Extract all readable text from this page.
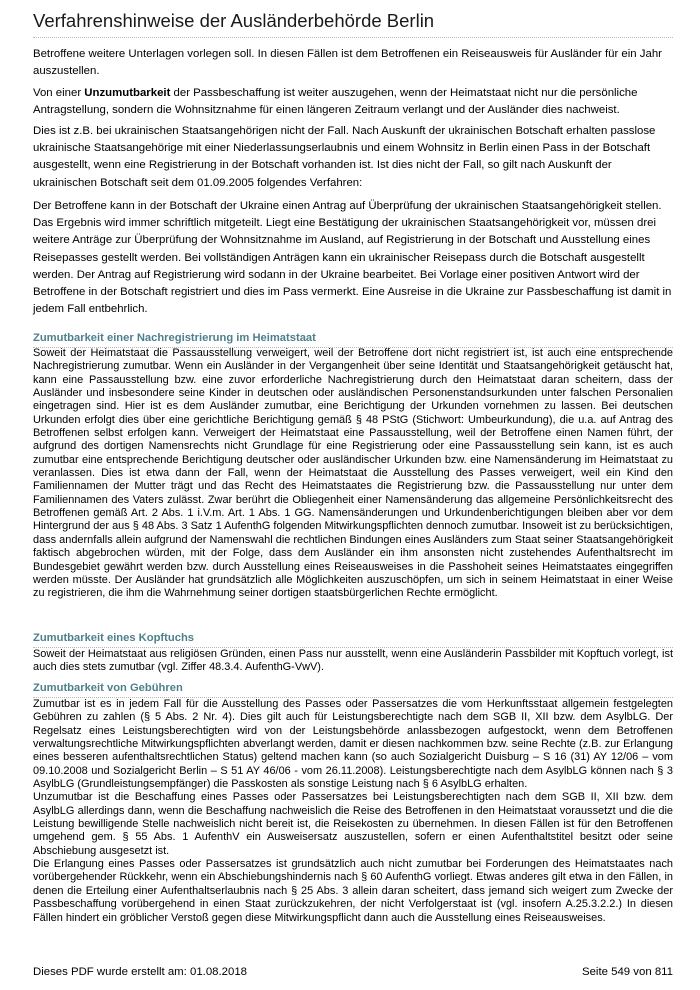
Verfahrenshinweise der Ausländerbehörde Berlin

Betroffene weitere Unterlagen vorlegen soll. In diesen Fällen ist dem Betroffenen ein Reiseausweis für Ausländer für ein Jahr auszustellen.

Von einer Unzumutbarkeit der Passbeschaffung ist weiter auszugehen, wenn der Heimatstaat nicht nur die persönliche Antragstellung, sondern die Wohnsitznahme für einen längeren Zeitraum verlangt und der Ausländer dies nachweist.

Dies ist z.B. bei ukrainischen Staatsangehörigen nicht der Fall. Nach Auskunft der ukrainischen Botschaft erhalten passlose ukrainische Staatsangehörige mit einer Niederlassungserlaubnis und einem Wohnsitz in Berlin einen Pass in der Botschaft ausgestellt, wenn eine Registrierung in der Botschaft vorhanden ist. Ist dies nicht der Fall, so gilt nach Auskunft der ukrainischen Botschaft seit dem 01.09.2005 folgendes Verfahren:

Der Betroffene kann in der Botschaft der Ukraine einen Antrag auf Überprüfung der ukrainischen Staatsangehörigkeit stellen. Das Ergebnis wird immer schriftlich mitgeteilt. Liegt eine Bestätigung der ukrainischen Staatsangehörigkeit vor, müssen drei weitere Anträge zur Überprüfung der Wohnsitznahme im Ausland, auf Registrierung in der Botschaft und Ausstellung eines Reisepasses gestellt werden. Bei vollständigen Anträgen kann ein ukrainischer Reisepass durch die Botschaft ausgestellt werden. Der Antrag auf Registrierung wird sodann in der Ukraine bearbeitet. Bei Vorlage einer positiven Antwort wird der Betroffene in der Botschaft registriert und dies im Pass vermerkt. Eine Ausreise in die Ukraine zur Passbeschaffung ist damit in jedem Fall entbehrlich.

Zumutbarkeit einer Nachregistrierung im Heimatstaat

Soweit der Heimatstaat die Passausstellung verweigert, weil der Betroffene dort nicht registriert ist, ist auch eine entsprechende Nachregistrierung zumutbar. Wenn ein Ausländer in der Vergangenheit über seine Identität und Staatsangehörigkeit getäuscht hat, kann eine Passausstellung bzw. eine zuvor erforderliche Nachregistrierung durch den Heimatstaat daran scheitern, dass der Ausländer und insbesondere seine Kinder in deutschen oder ausländischen Personenstandsurkunden unter falschen Personalien eingetragen sind. Hier ist es dem Ausländer zumutbar, eine Berichtigung der Urkunden vornehmen zu lassen. Bei deutschen Urkunden erfolgt dies über eine gerichtliche Berichtigung gemäß § 48 PStG (Stichwort: Umbeurkundung), die u.a. auf Antrag des Betroffenen selbst erfolgen kann. Verweigert der Heimatstaat eine Passausstellung, weil der Betroffene einen Namen führt, der aufgrund des dortigen Namensrechts nicht Grundlage für eine Registrierung oder eine Passausstellung sein kann, ist es auch zumutbar eine entsprechende Berichtigung deutscher oder ausländischer Urkunden bzw. eine Namensänderung im Heimatstaat zu veranlassen. Dies ist etwa dann der Fall, wenn der Heimatstaat die Ausstellung des Passes verweigert, weil ein Kind den Familiennamen der Mutter trägt und das Recht des Heimatstaates die Registrierung bzw. die Passausstellung nur unter dem Familiennamen des Vaters zulässt. Zwar berührt die Obliegenheit einer Namensänderung das allgemeine Persönlichkeitsrecht des Betroffenen gemäß Art. 2 Abs. 1 i.V.m. Art. 1 Abs. 1 GG. Namensänderungen und Urkundenberichtigungen bleiben aber vor dem Hintergrund der aus § 48 Abs. 3 Satz 1 AufenthG folgenden Mitwirkungspflichten dennoch zumutbar. Insoweit ist zu berücksichtigen, dass andernfalls allein aufgrund der Namenswahl die rechtlichen Bindungen eines Ausländers zum Staat seiner Staatsangehörigkeit faktisch abgebrochen würden, mit der Folge, dass dem Ausländer ein ihm ansonsten nicht zustehendes Aufenthaltsrecht im Bundesgebiet gewährt werden bzw. durch Ausstellung eines Reiseausweises in die Passhoheit seines Heimatstaates eingegriffen werden müsste. Der Ausländer hat grundsätzlich alle Möglichkeiten auszuschöpfen, um sich in seinem Heimatstaat in einer Weise zu registrieren, die ihm die Wahrnehmung seiner dortigen staatsbürgerlichen Rechte ermöglicht.

Zumutbarkeit eines Kopftuchs

Soweit der Heimatstaat aus religiösen Gründen, einen Pass nur ausstellt, wenn eine Ausländerin Passbilder mit Kopftuch vorlegt, ist auch dies stets zumutbar (vgl. Ziffer 48.3.4. AufenthG-VwV).

Zumutbarkeit von Gebühren

Zumutbar ist es in jedem Fall für die Ausstellung des Passes oder Passersatzes die vom Herkunftsstaat allgemein festgelegten Gebühren zu zahlen (§ 5 Abs. 2 Nr. 4). Dies gilt auch für Leistungsberechtigte nach dem SGB II, XII bzw. dem AsylbLG. Der Regelsatz eines Leistungsberechtigten wird von der Leistungsbehörde anlassbezogen aufgestockt, wenn dem Betroffenen verwaltungsrechtliche Mitwirkungspflichten abverlangt werden, damit er diesen nachkommen bzw. seine Rechte (z.B. zur Erlangung eines besseren aufenthaltsrechtlichen Status) geltend machen kann (so auch Sozialgericht Duisburg – S 16 (31) AY 12/06 – vom 09.10.2008 und Sozialgericht Berlin – S 51 AY 46/06 - vom 26.11.2008). Leistungsberechtigte nach dem AsylbLG können nach § 3 AsylbLG (Grundleistungsempfänger) die Passkosten als sonstige Leistung nach § 6 AsylbLG erhalten.

Unzumutbar ist die Beschaffung eines Passes oder Passersatzes bei Leistungsberechtigten nach dem SGB II, XII bzw. dem AsylbLG allerdings dann, wenn die Beschaffung nachweislich die Reise des Betroffenen in den Heimatstaat voraussetzt und die die Leistung bewilligende Stelle nachweislich nicht bereit ist, die Reisekosten zu übernehmen. In diesen Fällen ist für den Betroffenen umgehend gem. § 55 Abs. 1 AufenthV ein Ausweisersatz auszustellen, sofern er einen Aufenthaltstitel besitzt oder seine Abschiebung ausgesetzt ist.

Die Erlangung eines Passes oder Passersatzes ist grundsätzlich auch nicht zumutbar bei Forderungen des Heimatstaates nach vorübergehender Rückkehr, wenn ein Abschiebungshindernis nach § 60 AufenthG vorliegt. Etwas anderes gilt etwa in den Fällen, in denen die Erteilung einer Aufenthaltserlaubnis nach § 25 Abs. 3 allein daran scheitert, dass jemand sich weigert zum Zwecke der Passbeschaffung vorübergehend in einen Staat zurückzukehren, der nicht Verfolgerstaat ist (vgl. insofern A.25.3.2.2.) In diesen Fällen hindert ein gröblicher Verstoß gegen diese Mitwirkungspflicht dann auch die Ausstellung eines Reiseausweises.

Dieses PDF wurde erstellt am: 01.08.2018	Seite 549 von 811
